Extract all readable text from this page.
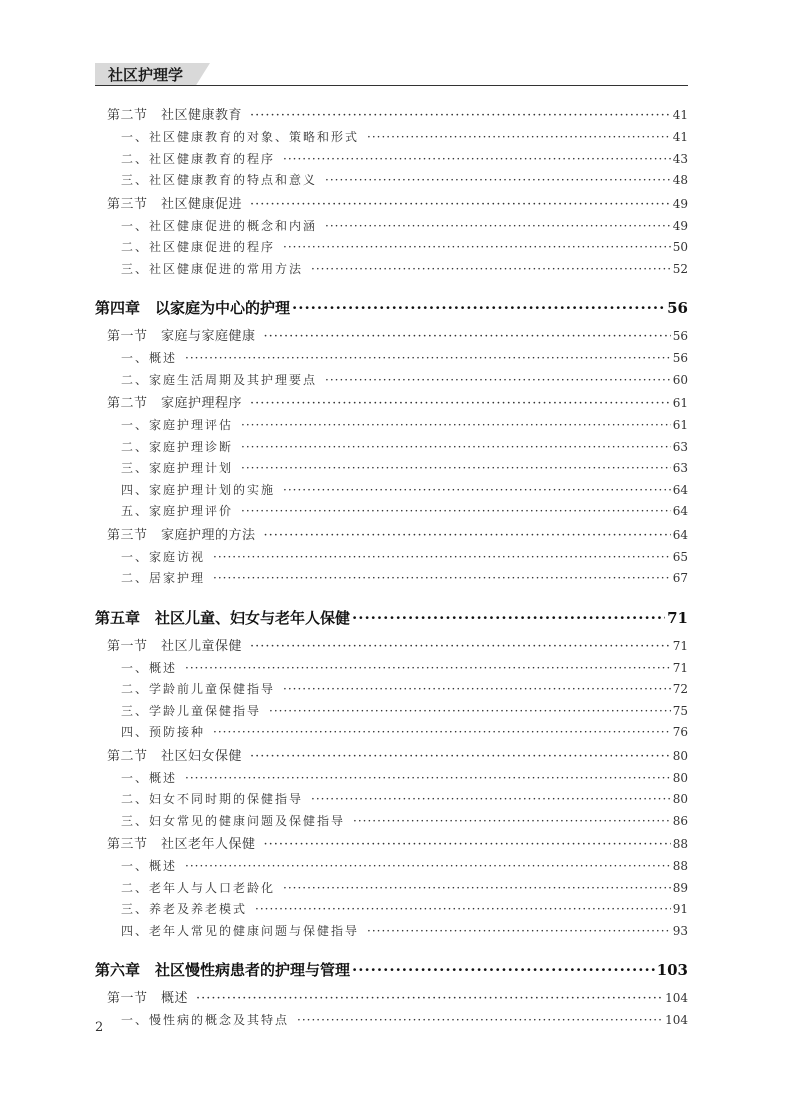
社区护理学
第二节　社区健康教育 ·····	41
一、社区健康教育的对象、策略和形式 ·····	41
二、社区健康教育的程序 ·····	43
三、社区健康教育的特点和意义 ·····	48
第三节　社区健康促进 ·····	49
一、社区健康促进的概念和内涵 ·····	49
二、社区健康促进的程序 ·····	50
三、社区健康促进的常用方法 ·····	52
第四章　以家庭为中心的护理 ·····	56
第一节　家庭与家庭健康 ·····	56
一、概述 ·····	56
二、家庭生活周期及其护理要点 ·····	60
第二节　家庭护理程序 ·····	61
一、家庭护理评估 ·····	61
二、家庭护理诊断 ·····	63
三、家庭护理计划 ·····	63
四、家庭护理计划的实施 ·····	64
五、家庭护理评价 ·····	64
第三节　家庭护理的方法 ·····	64
一、家庭访视 ·····	65
二、居家护理 ·····	67
第五章　社区儿童、妇女与老年人保健 ·····	71
第一节　社区儿童保健 ·····	71
一、概述 ·····	71
二、学龄前儿童保健指导 ·····	72
三、学龄儿童保健指导 ·····	75
四、预防接种 ·····	76
第二节　社区妇女保健 ·····	80
一、概述 ·····	80
二、妇女不同时期的保健指导 ·····	80
三、妇女常见的健康问题及保健指导 ·····	86
第三节　社区老年人保健 ·····	88
一、概述 ·····	88
二、老年人与人口老龄化 ·····	89
三、养老及养老模式 ·····	91
四、老年人常见的健康问题与保健指导 ·····	93
第六章　社区慢性病患者的护理与管理 ·····	103
第一节　概述 ·····	104
一、慢性病的概念及其特点 ·····	104
2
